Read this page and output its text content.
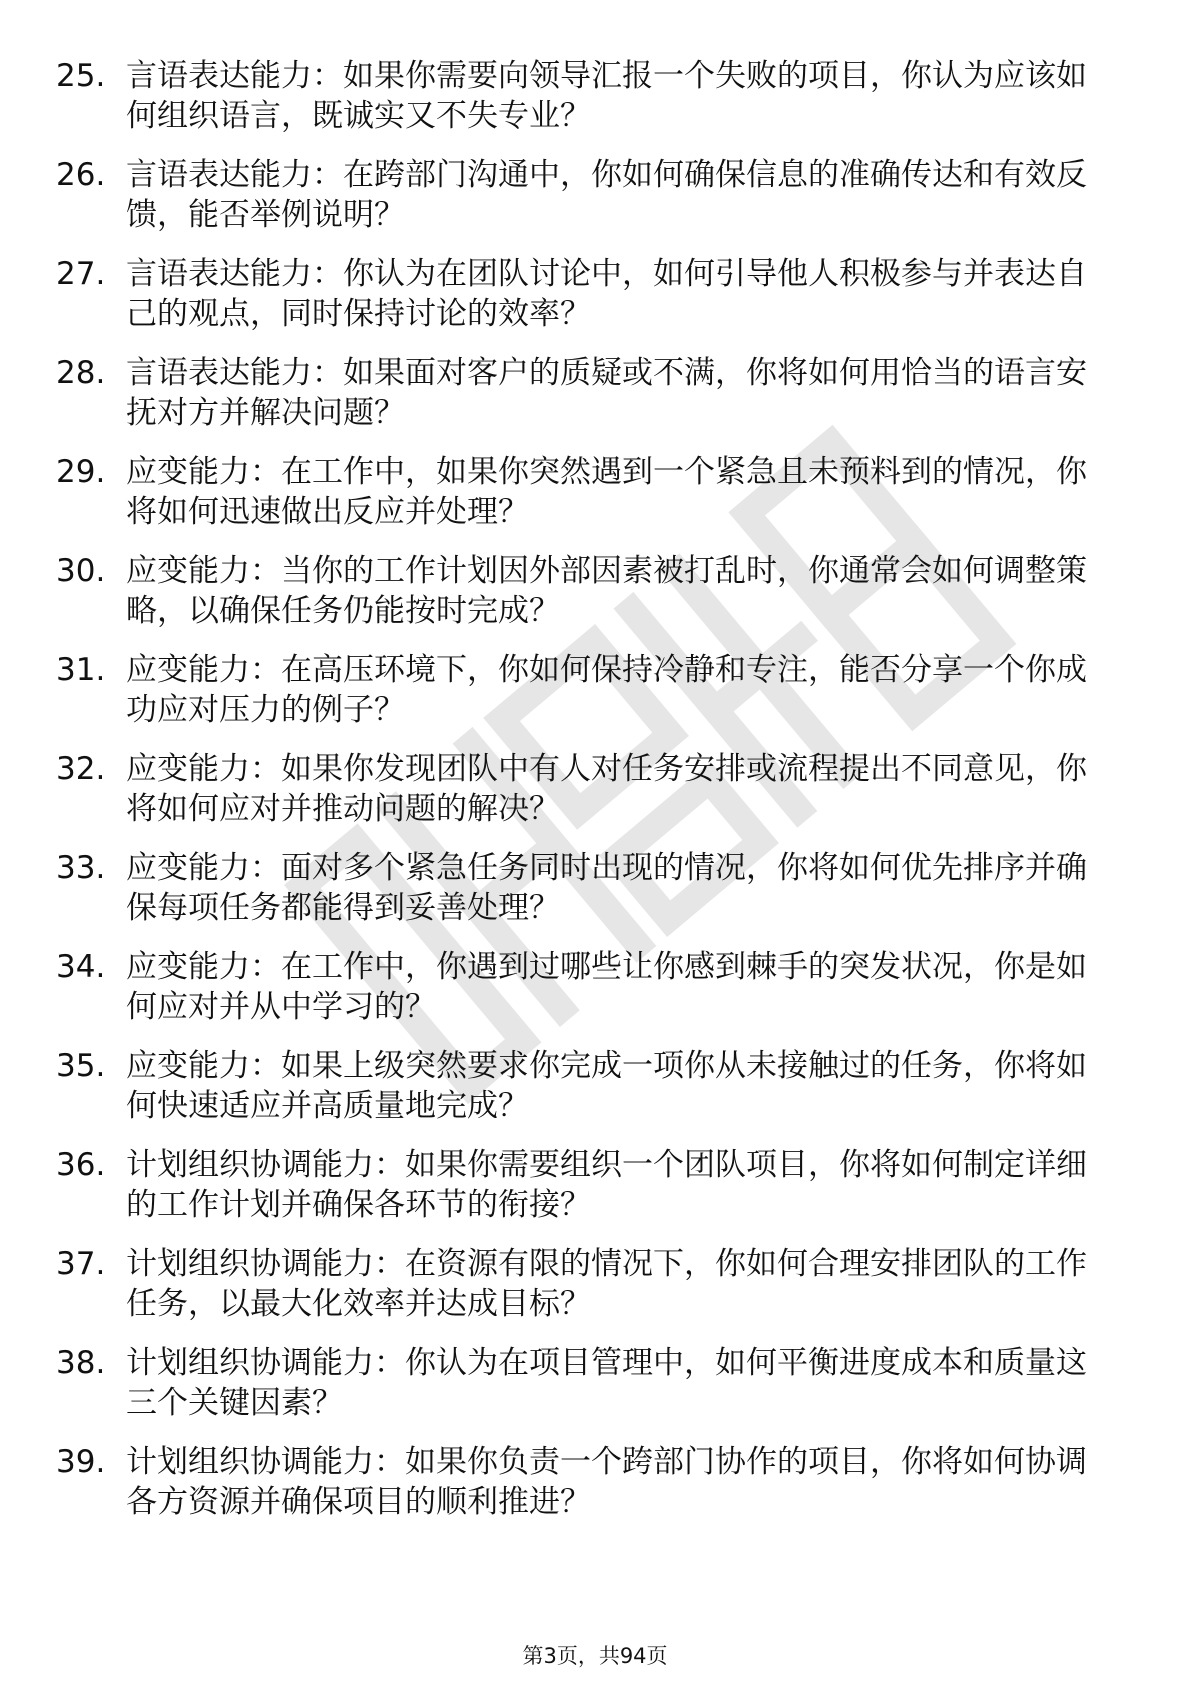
25. 言语表达能力：如果你需要向领导汇报一个失败的项目，你认为应该如何组织语言，既诚实又不失专业？
26. 言语表达能力：在跨部门沟通中，你如何确保信息的准确传达和有效反馈，能否举例说明？
27. 言语表达能力：你认为在团队讨论中，如何引导他人积极参与并表达自己的观点，同时保持讨论的效率？
28. 言语表达能力：如果面对客户的质疑或不满，你将如何用恰当的语言安抚对方并解决问题？
29. 应变能力：在工作中，如果你突然遇到一个紧急且未预料到的情况，你将如何迅速做出反应并处理？
30. 应变能力：当你的工作计划因外部因素被打乱时，你通常会如何调整策略，以确保任务仍能按时完成？
31. 应变能力：在高压环境下，你如何保持冷静和专注，能否分享一个你成功应对压力的例子？
32. 应变能力：如果你发现团队中有人对任务安排或流程提出不同意见，你将如何应对并推动问题的解决？
33. 应变能力：面对多个紧急任务同时出现的情况，你将如何优先排序并确保每项任务都能得到妥善处理？
34. 应变能力：在工作中，你遇到过哪些让你感到棘手的突发状况，你是如何应对并从中学习的？
35. 应变能力：如果上级突然要求你完成一项你从未接触过的任务，你将如何快速适应并高质量地完成？
36. 计划组织协调能力：如果你需要组织一个团队项目，你将如何制定详细的工作计划并确保各环节的衔接？
37. 计划组织协调能力：在资源有限的情况下，你如何合理安排团队的工作任务，以最大化效率并达成目标？
38. 计划组织协调能力：你认为在项目管理中，如何平衡进度成本和质量这三个关键因素？
39. 计划组织协调能力：如果你负责一个跨部门协作的项目，你将如何协调各方资源并确保项目的顺利推进？
第3页，共94页
